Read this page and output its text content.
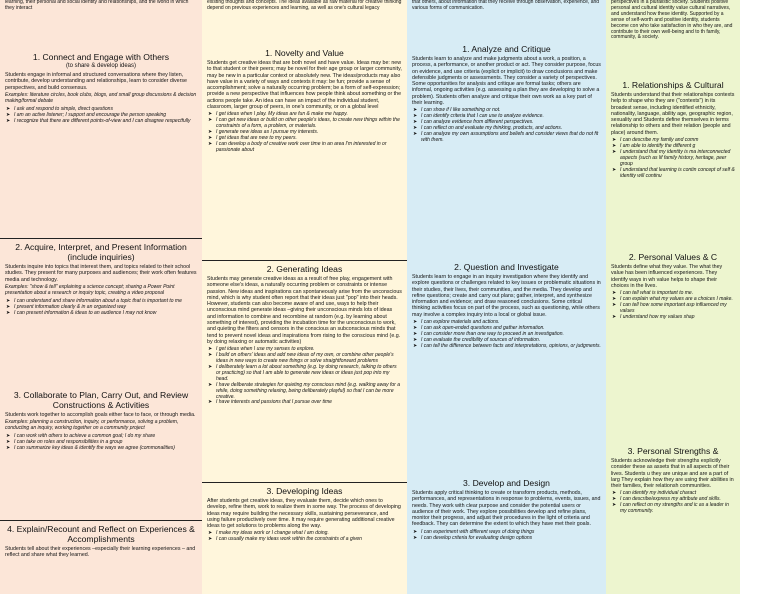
learning, their personal and social identity and relationships, and the world in which they interact

1. Connect and Engage with Others
(to share & develop ideas)

Students engage in informal and structured conversations where they listen, contribute, develop understanding and relationships, learn to consider diverse perspectives, and build consensus.

Examples: literature circles, book clubs, blogs, and small group discussions & decision making/formal debate

➤ I ask and respond to simple, direct questions
➤ I am an active listener; I support and encourage the person speaking
➤ I recognize that there are different points-of-view and I can disagree respectfully
2. Acquire, Interpret, and Present Information (include inquiries)

Students inquire into topics that interest them, and topics related to their school studies. They present for many purposes and audiences; their work often features media and technology.

Examples: "show & tell" explaining a science concept; sharing a Power Point presentation about a research or inquiry topic, creating a video proposal

➤ I can understand and share information about a topic that is important to me
➤ I present information clearly & in an organized way
➤ I can present information & ideas to an audience I may not know
3. Collaborate to Plan, Carry Out, and Review Constructions & Activities

Students work together to accomplish goals either face to face, or through media.

Examples: planning a construction, inquiry, or performance, solving a problem, conducting an inquiry, working together on a community project

➤ I can work with others to achieve a common goal; I do my share
➤ I can take on roles and responsibilities in a group
➤ I can summarize key ideas & identify the ways we agree (commonalities)
4. Explain/Recount and Reflect on Experiences & Accomplishments

Students tell about their experiences –especially their learning experiences – and reflect and share what they learned.

existing thoughts and concepts. The ideas available as raw material for creative thinking depend on previous experiences and learning, as well as one's cultural legacy

1. Novelty and Value

Students get creative ideas that are both novel and have value. Ideas may be: new to that student or their peers; may be novel for their age group or larger community, may be new in a particular context or absolutely new. The ideas/products may also have value in a variety of ways and contexts it may: be fun; provide a sense of accomplishment; solve a naturally occurring problem; be a form of self-expression; provide a new perspective that influences how people think about something or the actions people take. An idea can have an impact of the individual student, classroom, larger group of peers, in one's community, or on a global level

➤ I get ideas when I play. My ideas are fun & make me happy.
➤ I can get new ideas or build on other people's ideas, to create new things within the constraints of a form, a problem, or materials.
➤ I generate new ideas as I pursue my interests.
➤ I get ideas that are new to my peers.
➤ I can develop a body of creative work over time in an area I'm interested in or passionate about
2. Generating Ideas

Students may generate creative ideas as a result of free play, engagement with someone else's ideas, a naturally occurring problem or constraints or intense passion. New ideas and inspirations can spontaneously arise from the unconscious mind, which is why student often report that their ideas just "pop" into their heads. However, students can also become aware of and use, ways to help their unconscious mind generate ideas –giving their unconscious minds lots of ideas and information to combine and recombine at random (e.g. by learning about something of interest), providing the incubation time for the unconscious to work, and quieting the filters and censors in the conscious an subconscious minds that tend to prevent novel ideas and inspirations from rising to the conscious mind (e.g. by doing relaxing or automatic activities)

➤ I get ideas when I use my senses to explore.
➤ I build on others' ideas and add new ideas of my own, or combine other people's ideas in new ways to create new things or solve straightforward problems
➤ I deliberately learn a lot about something (e.g. by doing research, talking to others or practicing) so that I am able to generate new ideas or ideas just pop into my head.
➤ I have deliberate strategies for quieting my conscious mind (e.g. walking away for a while, doing something relaxing, being deliberately playful) so that I can be more creative.
➤ I have interests and passions that I pursue over time
3. Developing Ideas

After students get creative ideas, they evaluate them, decide which ones to develop, refine them, work to realize them in some way. The process of developing ideas may require building the necessary skills, sustaining perseverance, and using failure productively over time. It may require generating additional creative ideas to get solutions to problems along the way.

➤ I make my ideas work or I change what I am doing.
➤ I can usually make my ideas work within the constraints of a given

that others, about information that they receive through observation, experience, and various forms of communication.

1. Analyze and Critique

Students learn to analyze and make judgments about a work, a position, a process, a performance, or another product or act. They consider purpose, focus on evidence, and use criteria (explicit or implicit) to draw conclusions and make defensible judgments or assessments. They consider a variety of perspectives. Some opportunities for analysis and critique are formal tasks; others are informal, ongoing activities (e.g. assessing a plan they are developing to solve a problem). Students often analyze and critique their own work as a key part of their learning.

➤ I can show if I like something or not.
➤ I can identify criteria that I can use to analyze evidence.
➤ I can analyze evidence from different perspectives.
➤ I can reflect on and evaluate my thinking, products, and actions.
➤ I can analyze my own assumptions and beliefs and consider views that do not fit with them.
2. Question and Investigate

Students learn to engage in an inquiry investigation where they identify and explore questions or challenges related to key issues or problematic situations in their studies, their lives, their communities, and the media. They develop and refine questions; create and carry out plans; gather, interpret, and synthesize information and evidence; and draw reasoned conclusions. Some critical thinking activities focus on part of the process, such as questioning, while others may involve a complex inquiry into a local or global issue.

➤ I can explore materials and actions.
➤ I can ask open-ended questions and gather information.
➤ I can consider more than one way to proceed in an investigation.
➤ I can evaluate the credibility of sources of information.
➤ I can tell the difference between facts and interpretations, opinions, or judgments.
3. Develop and Design

Students apply critical thinking to create or transform products, methods, performances, and representations in response to problems, events, issues, and needs. They work with clear purpose and consider the potential users or audience of their work. They explore possibilities develop and refine plans, monitor their progress, and adjust their procedures in the light of criteria and feedback. They can determine the extent to which they have met their goals.

➤ I can experiment with different ways of doing things
➤ I can develop criteria for evaluating design options

perspectives in a pluralistic society. Students positive personal and cultural identity value cultural narratives, and understand how these identity. Supported by a sense of self-worth and positive identity, students become con who take satisfaction in who they are, and contribute to their own well-being and to th family, community, & society.

1. Relationships & Cultural

Students understand that their relationships contexts help to shape who they are ("contexts") in its broadest sense, including identified ethnicity, nationality, language, ability age, geographic region, sexuality and Students define themselves in terms relationship to others and their relation (people and place) around them.

➤ I can describe my family and comm
➤ I am able to identify the different g
➤ I understand that my identity is ma interconnected aspects (such as lif family history, heritage, peer group
➤ I understand that learning is contin concept of self & identity will continu
2. Personal Values & C

Students define what they value. The what they value has been influenced experiences. They identify ways in wh value helps to shape their choices in the lives.

➤ I can tell what is important to me.
➤ I can explain what my values are a choices I make.
➤ I can tell how some important asp influenced my values
➤ I understand how my values shap
3. Personal Strengths &

Students acknowledge their strengths explicitly consider these as assets that in all aspects of their lives. Students u they are unique and are a part of larg They explain how they are using their abilities in their families, their relationsh communities.

➤ I can identify my individual charact
➤ I can describe/express my attribute and skills.
➤ I can reflect on my strengths and ic as a leader in my community.
